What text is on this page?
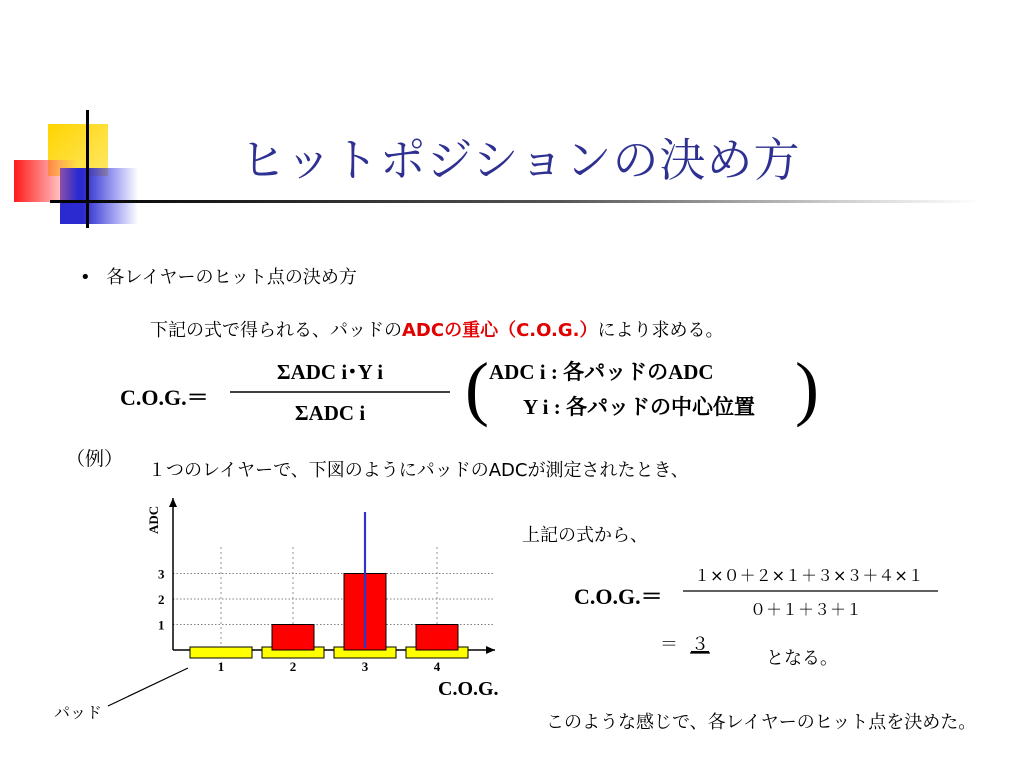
ヒットポジションの決め方
• 各レイヤーのヒット点の決め方
下記の式で得られる、パッドのADCの重心（C.O.G.）により求める。
C.O.G.＝
ΣADC i･Y i
ΣADC i ( ADC i : 各パッドのADC
Y i : 各パッドの中心位置 )
（例）
１つのレイヤーで、下図のようにパッドのADCが測定されたとき、
ADC
1
2
3
1	2	3	4
C.O.G.
パッド
上記の式から、
C.O.G.＝
１×０＋２×１＋３×３＋４×１
０＋１＋３＋１
＝ ３
となる。
このような感じで、各レイヤーのヒット点を決めた。
